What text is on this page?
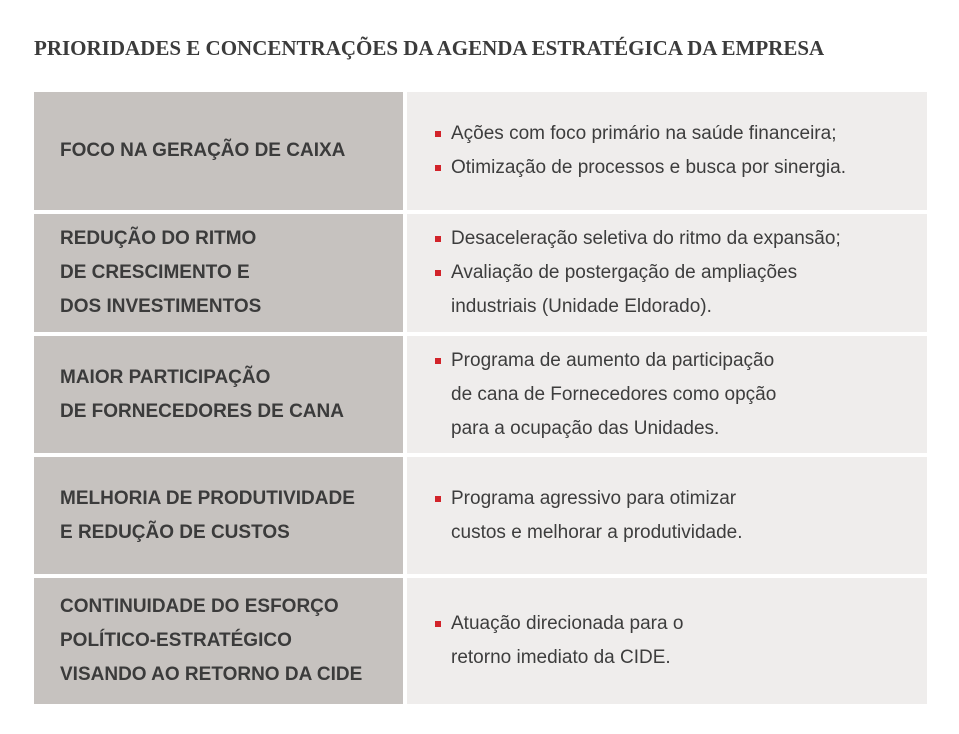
PRIORIDADES E CONCENTRAÇÕES DA AGENDA ESTRATÉGICA DA EMPRESA
FOCO NA GERAÇÃO DE CAIXA
Ações com foco primário na saúde financeira;
Otimização de processos e busca por sinergia.
REDUÇÃO DO RITMO
DE CRESCIMENTO E
DOS INVESTIMENTOS
Desaceleração seletiva do ritmo da expansão;
Avaliação de postergação de ampliações
industriais (Unidade Eldorado).
MAIOR PARTICIPAÇÃO
DE FORNECEDORES DE CANA
Programa de aumento da participação
de cana de Fornecedores como opção
para a ocupação das Unidades.
MELHORIA DE PRODUTIVIDADE
E REDUÇÃO DE CUSTOS
Programa agressivo para otimizar
custos e melhorar a produtividade.
CONTINUIDADE DO ESFORÇO
POLÍTICO-ESTRATÉGICO
VISANDO AO RETORNO DA CIDE
Atuação direcionada para o
retorno imediato da CIDE.
